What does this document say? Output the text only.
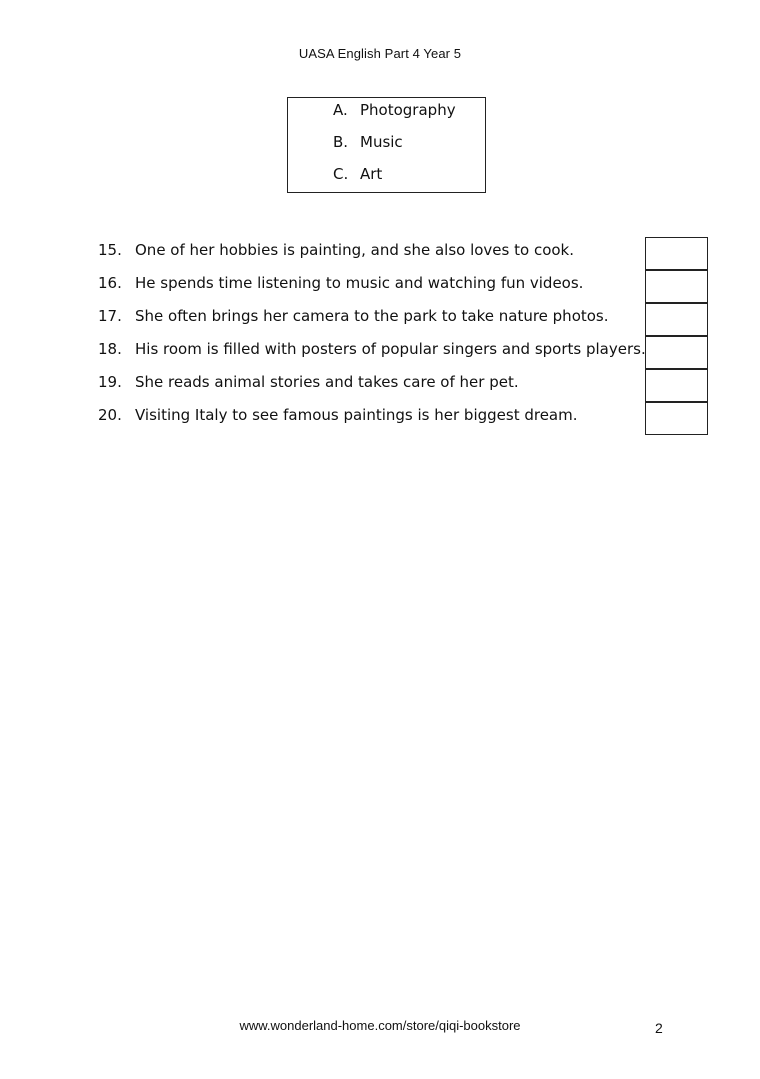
UASA English Part 4 Year 5
A. Photography
B. Music
C. Art
15. One of her hobbies is painting, and she also loves to cook.
16. He spends time listening to music and watching fun videos.
17. She often brings her camera to the park to take nature photos.
18. His room is filled with posters of popular singers and sports players.
19. She reads animal stories and takes care of her pet.
20. Visiting Italy to see famous paintings is her biggest dream.
www.wonderland-home.com/store/qiqi-bookstore	2
